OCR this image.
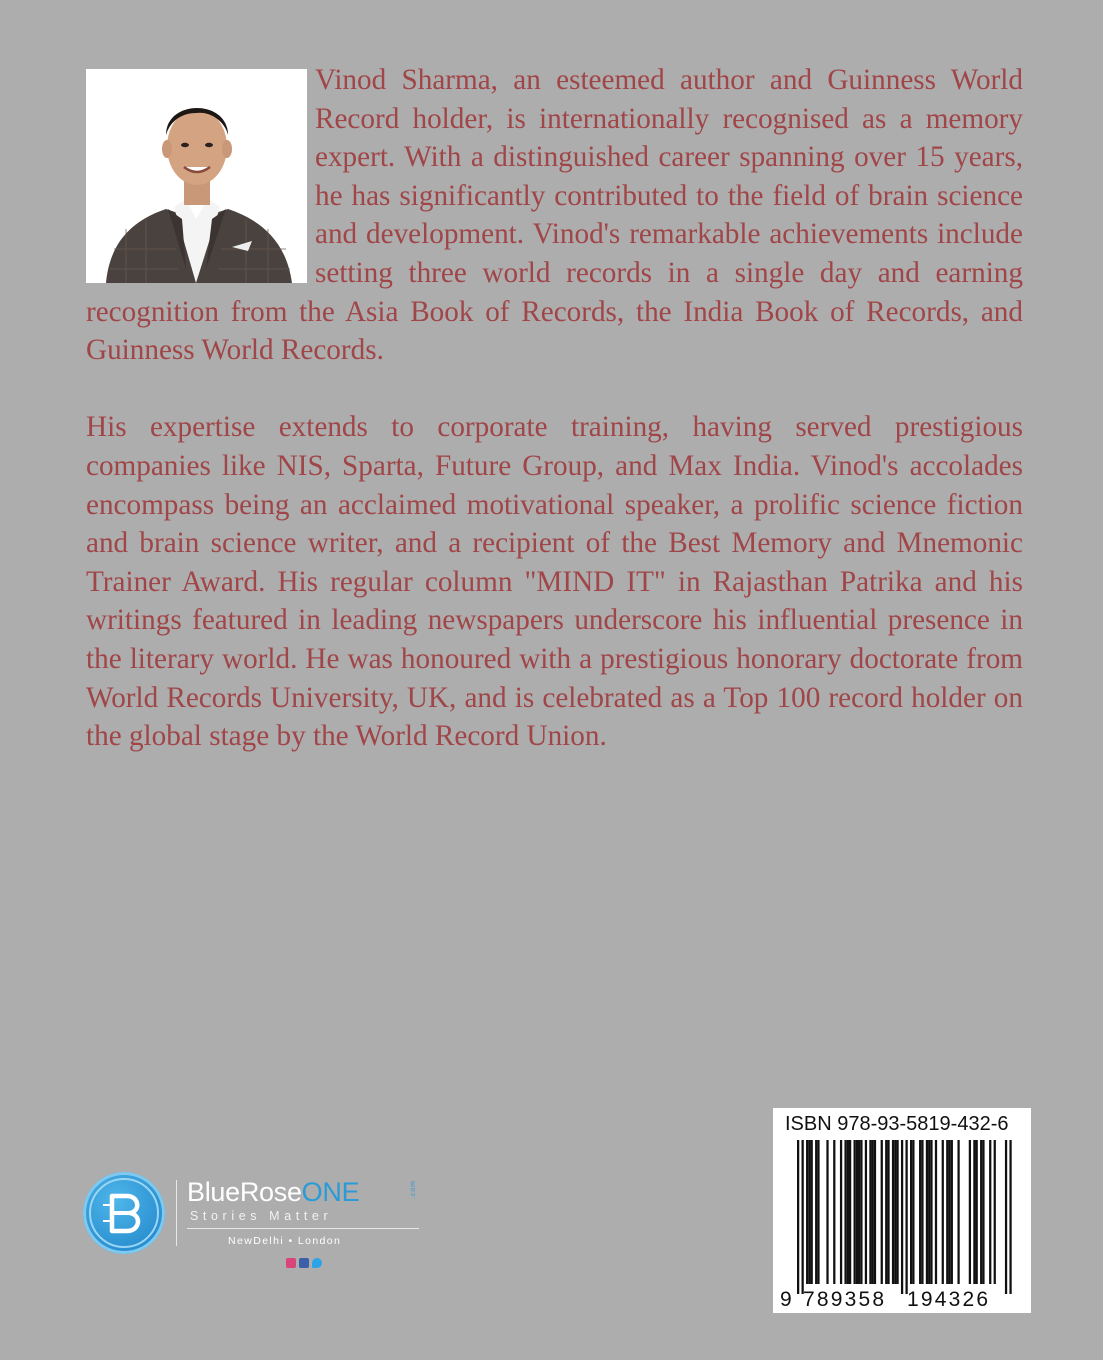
Vinod Sharma, an esteemed author and Guinness World Record holder, is internationally recognised as a memory expert. With a distinguished career spanning over 15 years, he has significantly contributed to the field of brain science and development. Vinod's remarkable achievements include setting three world records in a single day and earning recognition from the Asia Book of Records, the India Book of Records, and Guinness World Records.

His expertise extends to corporate training, having served prestigious companies like NIS, Sparta, Future Group, and Max India. Vinod's accolades encompass being an acclaimed motivational speaker, a prolific science fiction and brain science writer, and a recipient of the Best Memory and Mnemonic Trainer Award. His regular column "MIND IT" in Rajasthan Patrika and his writings featured in leading newspapers underscore his influential presence in the literary world. He was honoured with a prestigious honorary doctorate from World Records University, UK, and is celebrated as a Top 100 record holder on the global stage by the World Record Union.

BlueRoseONE	.com
Stories Matter
NewDelhi • London
ISBN 978-93-5819-432-6
9 789358 194326
